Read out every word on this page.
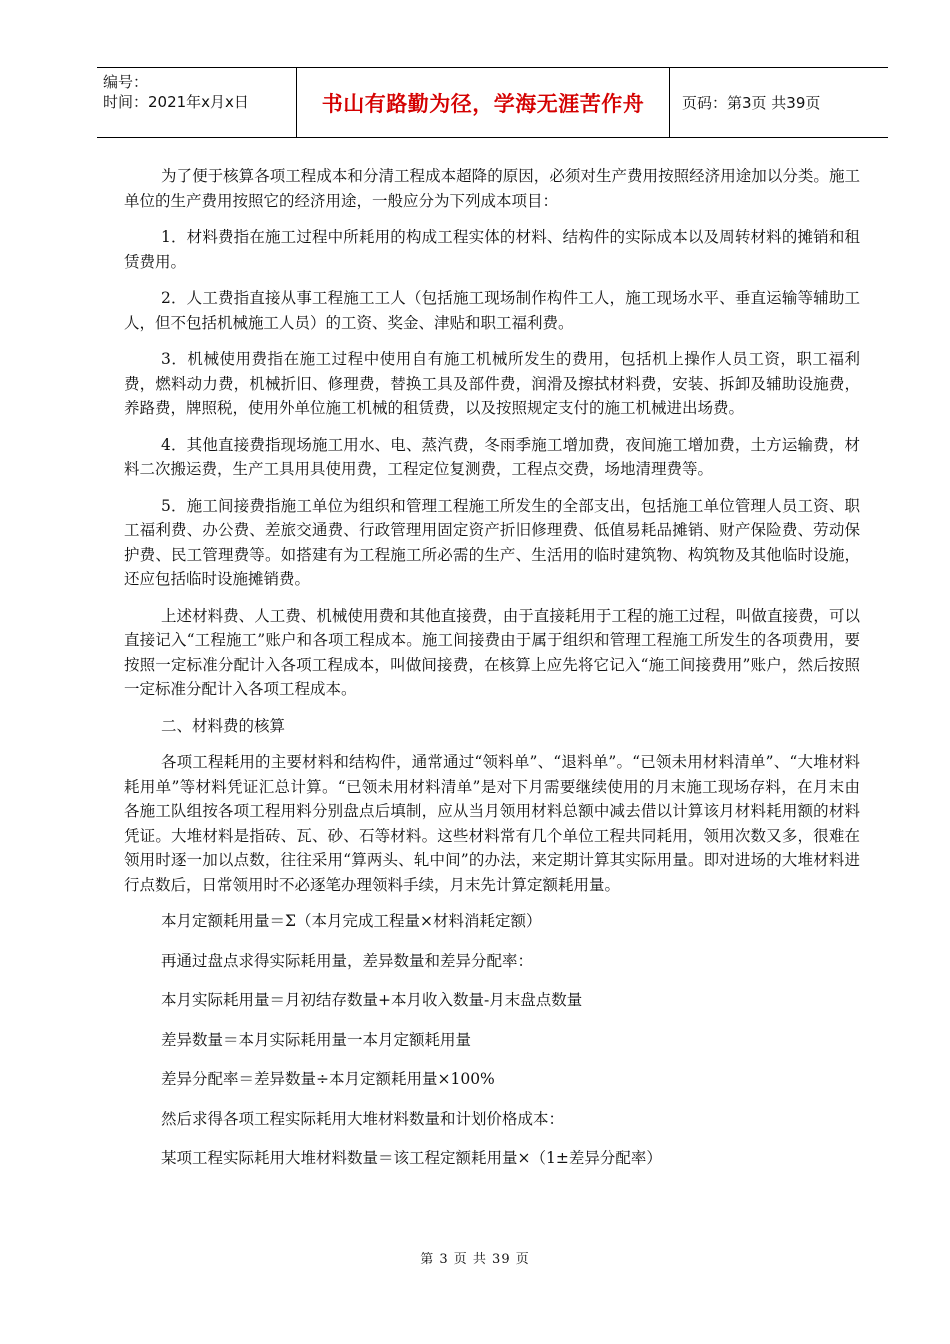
编号：
时间：2021年x月x日	书山有路勤为径，学海无涯苦作舟	页码：第3页 共39页

为了便于核算各项工程成本和分清工程成本超降的原因，必须对生产费用按照经济用途加以分类。施工单位的生产费用按照它的经济用途，一般应分为下列成本项目：

1．材料费指在施工过程中所耗用的构成工程实体的材料、结构件的实际成本以及周转材料的摊销和租赁费用。

2．人工费指直接从事工程施工工人（包括施工现场制作构件工人，施工现场水平、垂直运输等辅助工人，但不包括机械施工人员）的工资、奖金、津贴和职工福利费。

3．机械使用费指在施工过程中使用自有施工机械所发生的费用，包括机上操作人员工资，职工福利费，燃料动力费，机械折旧、修理费，替换工具及部件费，润滑及擦拭材料费，安装、拆卸及辅助设施费，养路费，牌照税，使用外单位施工机械的租赁费，以及按照规定支付的施工机械进出场费。

4．其他直接费指现场施工用水、电、蒸汽费，冬雨季施工增加费，夜间施工增加费，土方运输费，材料二次搬运费，生产工具用具使用费，工程定位复测费，工程点交费，场地清理费等。

5．施工间接费指施工单位为组织和管理工程施工所发生的全部支出，包括施工单位管理人员工资、职工福利费、办公费、差旅交通费、行政管理用固定资产折旧修理费、低值易耗品摊销、财产保险费、劳动保护费、民工管理费等。如搭建有为工程施工所必需的生产、生活用的临时建筑物、构筑物及其他临时设施，还应包括临时设施摊销费。

上述材料费、人工费、机械使用费和其他直接费，由于直接耗用于工程的施工过程，叫做直接费，可以直接记入“工程施工”账户和各项工程成本。施工间接费由于属于组织和管理工程施工所发生的各项费用，要按照一定标准分配计入各项工程成本，叫做间接费，在核算上应先将它记入“施工间接费用”账户，然后按照一定标准分配计入各项工程成本。

二、材料费的核算

各项工程耗用的主要材料和结构件，通常通过“领料单”、“退料单”。“已领未用材料清单”、“大堆材料耗用单”等材料凭证汇总计算。“已领未用材料清单”是对下月需要继续使用的月末施工现场存料，在月末由各施工队组按各项工程用料分别盘点后填制，应从当月领用材料总额中减去借以计算该月材料耗用额的材料凭证。大堆材料是指砖、瓦、砂、石等材料。这些材料常有几个单位工程共同耗用，领用次数又多，很难在领用时逐一加以点数，往往采用“算两头、轧中间”的办法，来定期计算其实际用量。即对进场的大堆材料进行点数后，日常领用时不必逐笔办理领料手续，月末先计算定额耗用量。

本月定额耗用量＝Σ（本月完成工程量×材料消耗定额）

再通过盘点求得实际耗用量，差异数量和差异分配率：

本月实际耗用量＝月初结存数量+本月收入数量-月末盘点数量

差异数量＝本月实际耗用量一本月定额耗用量

差异分配率＝差异数量÷本月定额耗用量×100%

然后求得各项工程实际耗用大堆材料数量和计划价格成本：

某项工程实际耗用大堆材料数量＝该工程定额耗用量×（1±差异分配率）

第 3 页 共 39 页
